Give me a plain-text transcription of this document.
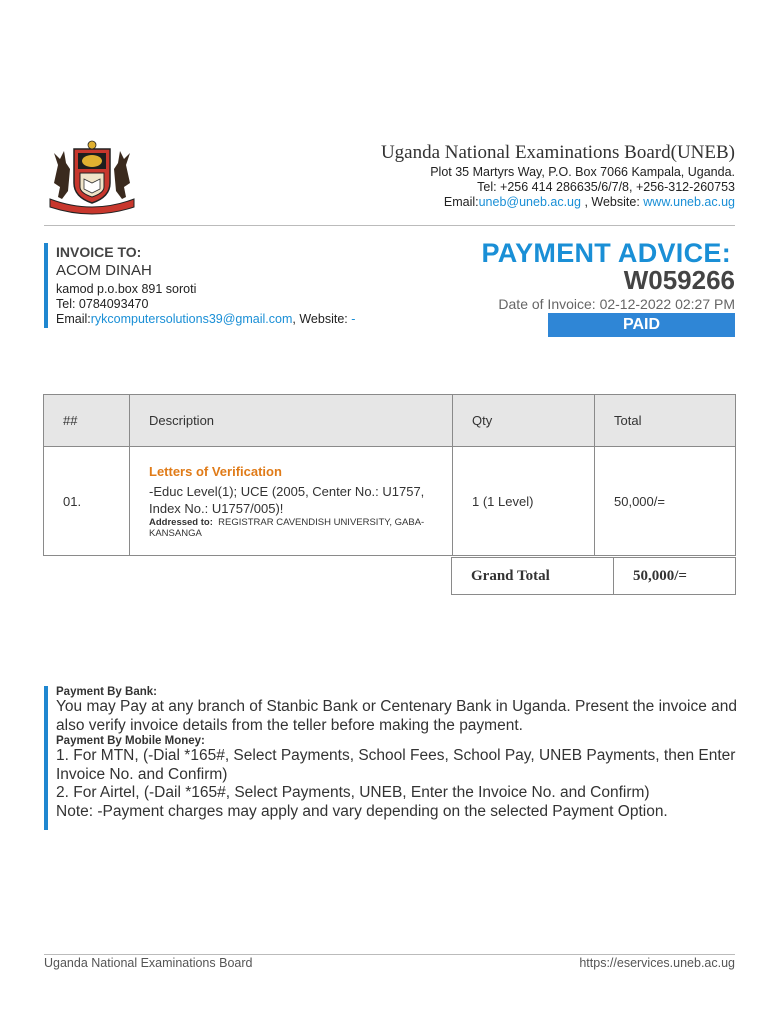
Uganda National Examinations Board(UNEB)
Plot 35 Martyrs Way, P.O. Box 7066 Kampala, Uganda.
Tel: +256 414 286635/6/7/8, +256-312-260753
Email:uneb@uneb.ac.ug , Website: www.uneb.ac.ug
INVOICE TO:
ACOM DINAH
kamod p.o.box 891 soroti
Tel: 0784093470
Email:rykcomputersolutions39@gmail.com, Website: -
PAYMENT ADVICE:
W059266
Date of Invoice: 02-12-2022 02:27 PM
PAID
##	Description	Qty	Total
01.	Letters of Verification
-Educ Level(1); UCE (2005, Center No.: U1757, Index No.: U1757/005)!
Addressed to: REGISTRAR CAVENDISH UNIVERSITY, GABA-KANSANGA	1 (1 Level)	50,000/=
Grand Total	50,000/=

Payment By Bank:

You may Pay at any branch of Stanbic Bank or Centenary Bank in Uganda. Present the invoice and also verify invoice details from the teller before making the payment.

Payment By Mobile Money:

1. For MTN, (-Dial *165#, Select Payments, School Fees, School Pay, UNEB Payments, then Enter Invoice No. and Confirm)

2. For Airtel, (-Dail *165#, Select Payments, UNEB, Enter the Invoice No. and Confirm)

Note: -Payment charges may apply and vary depending on the selected Payment Option.

Uganda National Examinations Board	https://eservices.uneb.ac.ug
